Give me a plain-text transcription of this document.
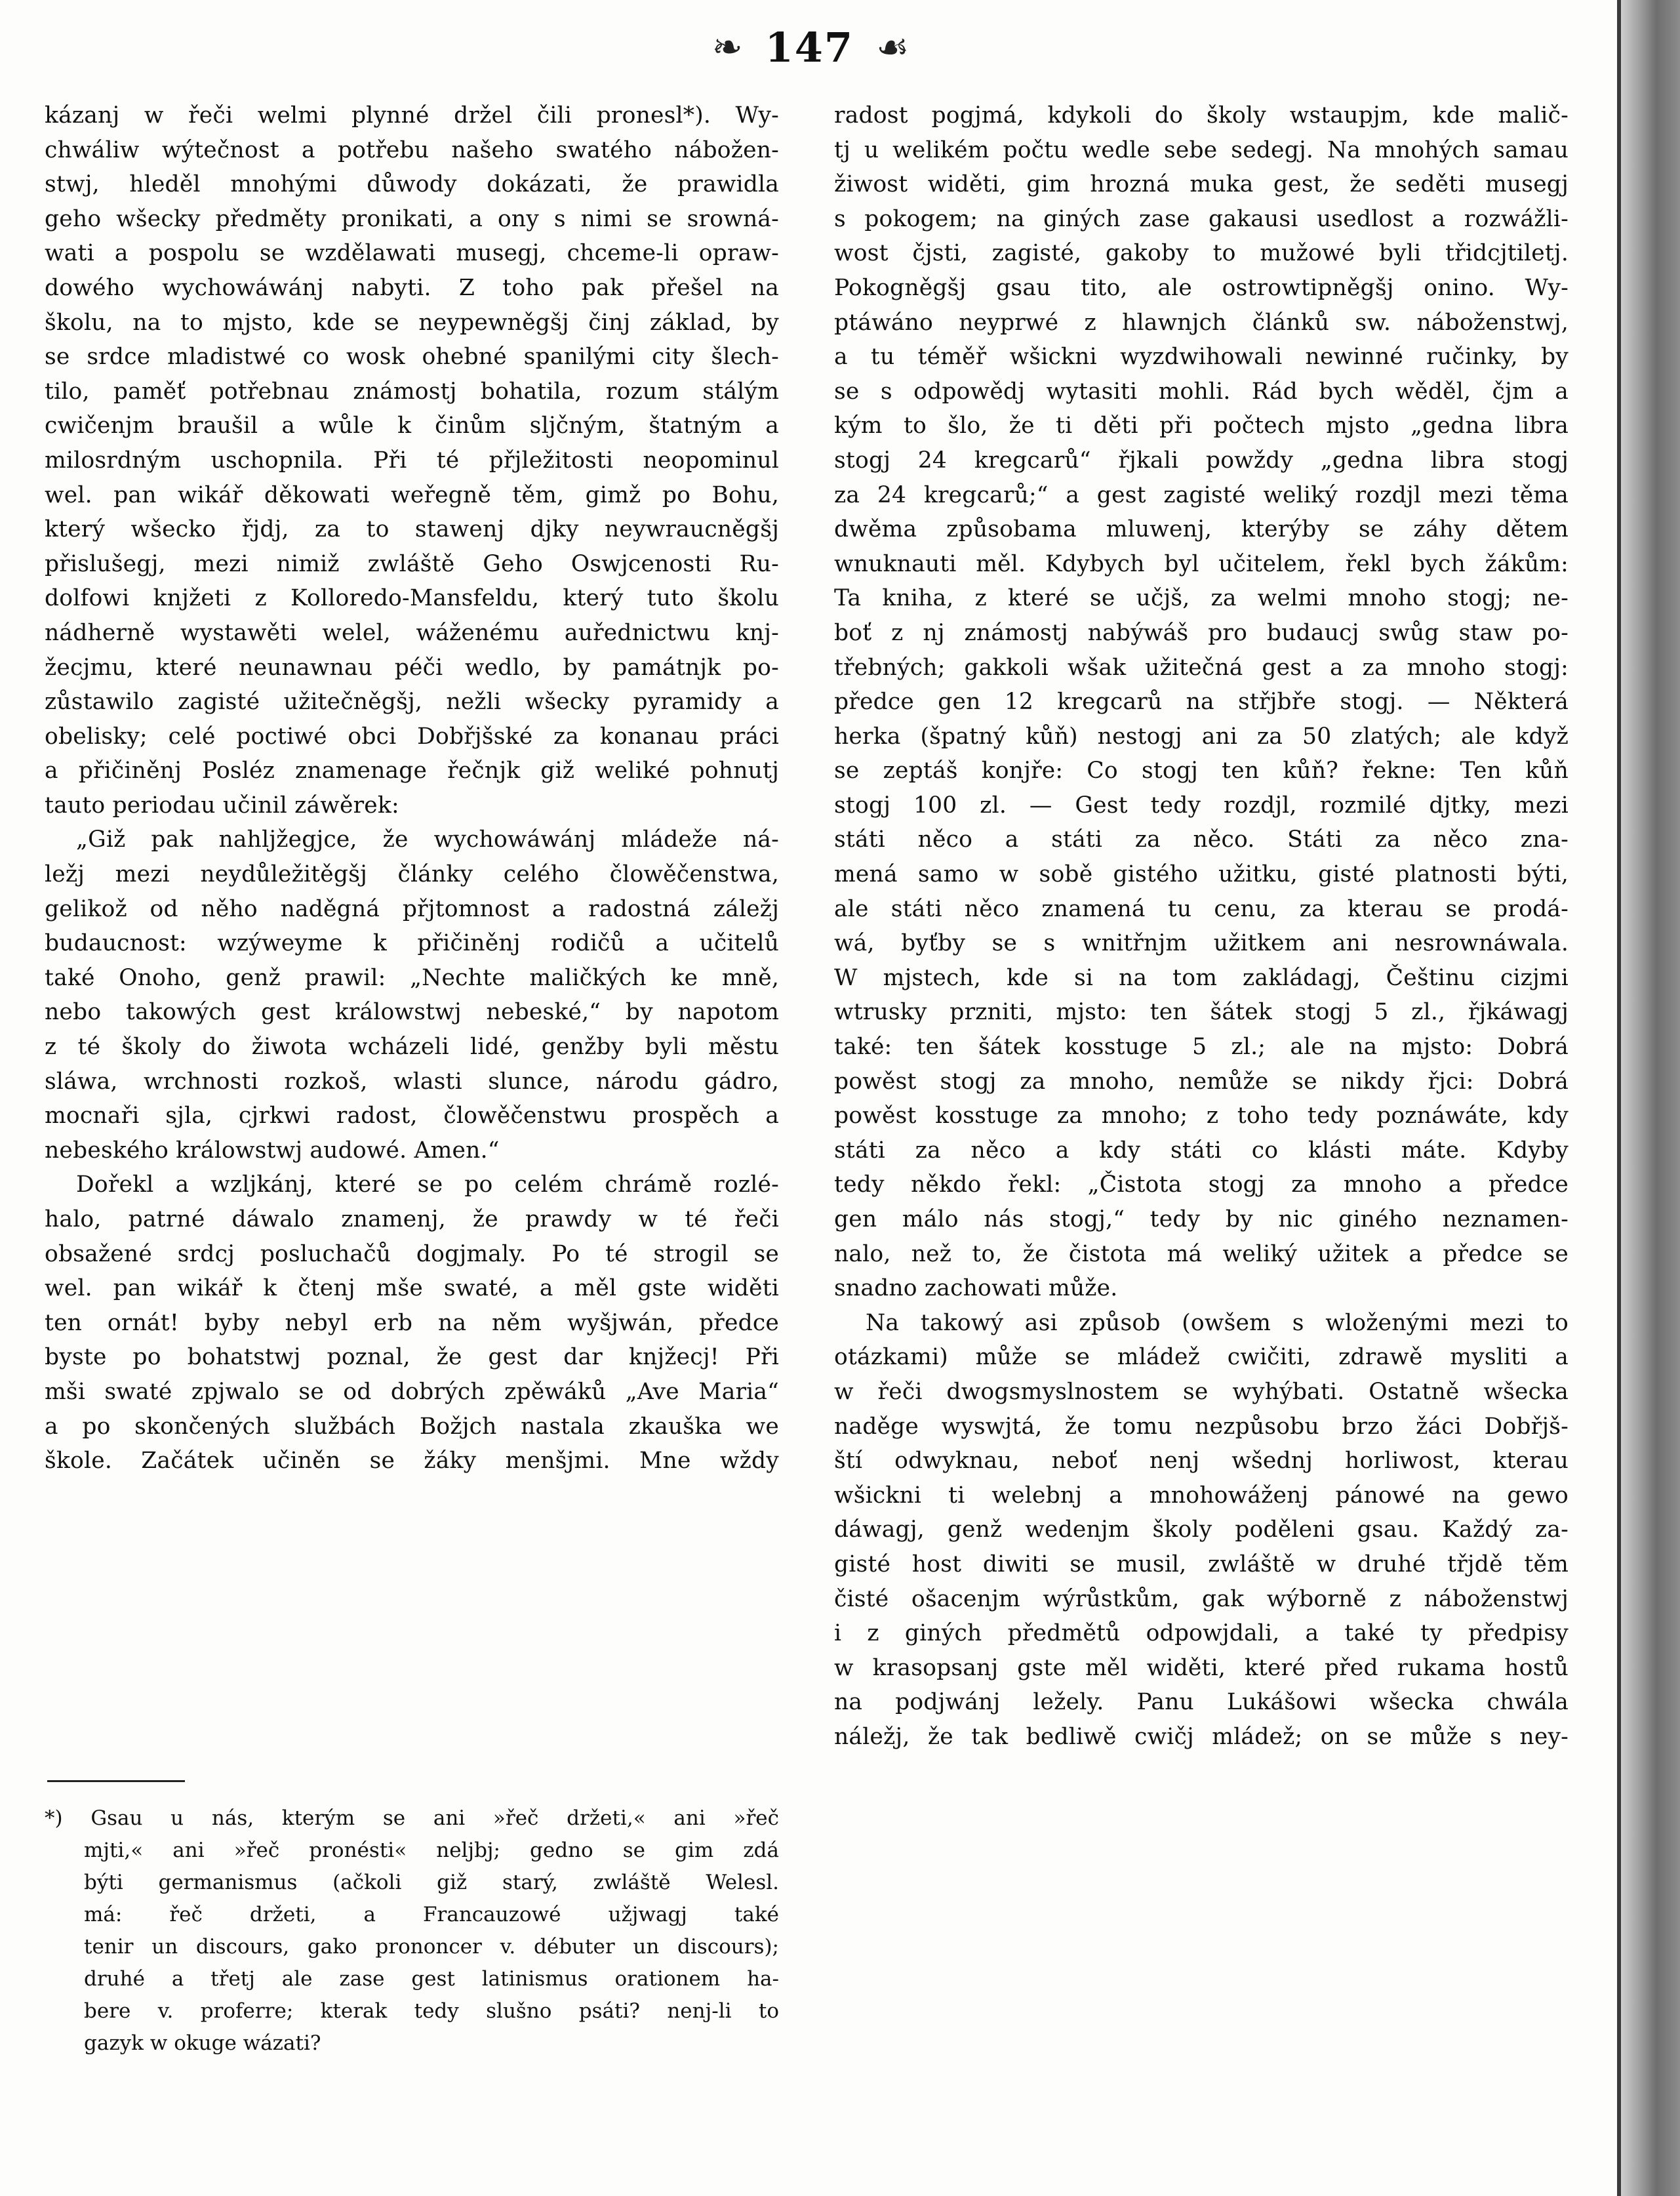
❧ 147 ☙
kázanj w řeči welmi plynné držel čili pronesl*). Wy-
chwáliw wýtečnost a potřebu našeho swatého nábožen-
stwj, hleděl mnohými důwody dokázati, že prawidla
geho wšecky předměty pronikati, a ony s nimi se srowná-
wati a pospolu se wzdělawati musegj, chceme-li opraw-
dowého wychowáwánj nabyti. Z toho pak přešel na
školu, na to mjsto, kde se neypewněgšj činj základ, by
se srdce mladistwé co wosk ohebné spanilými city šlech-
tilo, paměť potřebnau známostj bohatila, rozum stálým
cwičenjm braušil a wůle k činům sljčným, štatným a
milosrdným uschopnila. Při té přjležitosti neopominul
wel. pan wikář děkowati weřegně těm, gimž po Bohu,
který wšecko řjdj, za to stawenj djky neywraucněgšj
přislušegj, mezi nimiž zwláště Geho Oswjcenosti Ru-
dolfowi knjžeti z Kolloredo-Mansfeldu, který tuto školu
nádherně wystawěti welel, wáženému auřednictwu knj-
žecjmu, které neunawnau péči wedlo, by památnjk po-
zůstawilo zagisté užitečněgšj, nežli wšecky pyramidy a
obelisky; celé poctiwé obci Dobřjšské za konanau práci
a přičiněnj Posléz znamenage řečnjk giž weliké pohnutj
tauto periodau učinil záwěrek:
„Giž pak nahljžegjce, že wychowáwánj mládeže ná-
ležj mezi neydůležitěgšj články celého člowěčenstwa,
gelikož od něho naděgná přjtomnost a radostná záležj
budaucnost: wzýweyme k přičiněnj rodičů a učitelů
také Onoho, genž prawil: „Nechte maličkých ke mně,
nebo takowých gest králowstwj nebeské,“ by napotom
z té školy do žiwota wcházeli lidé, genžby byli městu
sláwa, wrchnosti rozkoš, wlasti slunce, národu gádro,
mocnaři sjla, cjrkwi radost, člowěčenstwu prospěch a
nebeského králowstwj audowé. Amen.“
Dořekl a wzljkánj, které se po celém chrámě rozlé-
halo, patrné dáwalo znamenj, že prawdy w té řeči
obsažené srdcj posluchačů dogjmaly. Po té strogil se
wel. pan wikář k čtenj mše swaté, a měl gste widěti
ten ornát! byby nebyl erb na něm wyšjwán, předce
byste po bohatstwj poznal, že gest dar knjžecj! Při
mši swaté zpjwalo se od dobrých zpěwáků „Ave Maria“
a po skončených službách Božjch nastala zkauška we
škole. Začátek učiněn se žáky menšjmi. Mne wždy
*) Gsau u nás, kterým se ani »řeč držeti,« ani »řeč
mjti,« ani »řeč pronésti« neljbj; gedno se gim zdá
býti germanismus (ačkoli giž starý, zwláště Welesl.
má: řeč držeti, a Francauzowé užjwagj také
tenir un discours, gako prononcer v. débuter un discours);
druhé a třetj ale zase gest latinismus orationem ha-
bere v. proferre; kterak tedy slušno psáti? nenj-li to
gazyk w okuge wázati?
radost pogjmá, kdykoli do školy wstaupjm, kde malič-
tj u welikém počtu wedle sebe sedegj. Na mnohých samau
žiwost widěti, gim hrozná muka gest, že seděti musegj
s pokogem; na giných zase gakausi usedlost a rozwážli-
wost čjsti, zagisté, gakoby to mužowé byli třidcjtiletj.
Pokogněgšj gsau tito, ale ostrowtipněgšj onino. Wy-
ptáwáno neyprwé z hlawnjch článků sw. náboženstwj,
a tu téměř wšickni wyzdwihowali newinné ručinky, by
se s odpowědj wytasiti mohli. Rád bych wěděl, čjm a
kým to šlo, že ti děti při počtech mjsto „gedna libra
stogj 24 kregcarů“ řjkali powždy „gedna libra stogj
za 24 kregcarů;“ a gest zagisté weliký rozdjl mezi těma
dwěma způsobama mluwenj, kterýby se záhy dětem
wnuknauti měl. Kdybych byl učitelem, řekl bych žákům:
Ta kniha, z které se učjš, za welmi mnoho stogj; ne-
boť z nj známostj nabýwáš pro budaucj swůg staw po-
třebných; gakkoli wšak užitečná gest a za mnoho stogj:
předce gen 12 kregcarů na střjbře stogj. — Některá
herka (špatný kůň) nestogj ani za 50 zlatých; ale když
se zeptáš konjře: Co stogj ten kůň? řekne: Ten kůň
stogj 100 zl. — Gest tedy rozdjl, rozmilé djtky, mezi
státi něco a státi za něco. Státi za něco zna-
mená samo w sobě gistého užitku, gisté platnosti býti,
ale státi něco znamená tu cenu, za kterau se prodá-
wá, byťby se s wnitřnjm užitkem ani nesrownáwala.
W mjstech, kde si na tom zakládagj, Češtinu cizjmi
wtrusky przniti, mjsto: ten šátek stogj 5 zl., řjkáwagj
také: ten šátek kosstuge 5 zl.; ale na mjsto: Dobrá
powěst stogj za mnoho, nemůže se nikdy řjci: Dobrá
powěst kosstuge za mnoho; z toho tedy poznáwáte, kdy
státi za něco a kdy státi co klásti máte. Kdyby
tedy někdo řekl: „Čistota stogj za mnoho a předce
gen málo nás stogj,“ tedy by nic giného neznamen-
nalo, než to, že čistota má weliký užitek a předce se
snadno zachowati může.
Na takowý asi způsob (owšem s wloženými mezi to
otázkami) může se mládež cwičiti, zdrawě mysliti a
w řeči dwogsmyslnostem se wyhýbati. Ostatně wšecka
naděge wyswjtá, že tomu nezpůsobu brzo žáci Dobřjš-
ští odwyknau, neboť nenj wšednj horliwost, kterau
wšickni ti welebnj a mnohowáženj pánowé na gewo
dáwagj, genž wedenjm školy poděleni gsau. Každý za-
gisté host diwiti se musil, zwláště w druhé třjdě těm
čisté ošacenjm wýrůstkům, gak wýborně z náboženstwj
i z giných předmětů odpowjdali, a také ty předpisy
w krasopsanj gste měl widěti, které před rukama hostů
na podjwánj ležely. Panu Lukášowi wšecka chwála
náležj, že tak bedliwě cwičj mládež; on se může s ney-
